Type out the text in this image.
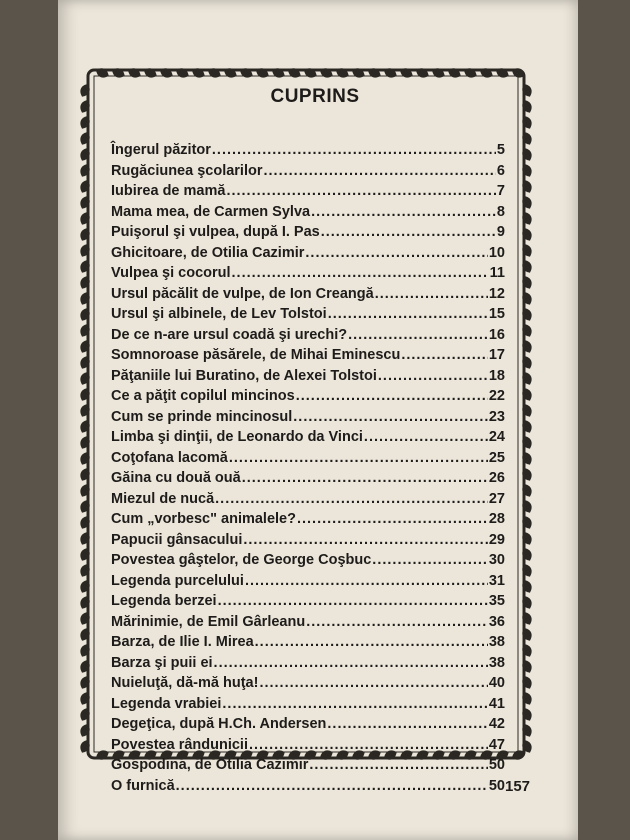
CUPRINS
Îngerul păzitor .....	5
Rugăciunea şcolarilor .....	6
Iubirea de mamă .....	7
Mama mea, de Carmen Sylva .....	8
Puişorul şi vulpea, după I. Pas .....	9
Ghicitoare, de Otilia Cazimir .....	10
Vulpea şi cocorul .....	11
Ursul păcălit de vulpe, de Ion Creangă .....	12
Ursul şi albinele, de Lev Tolstoi .....	15
De ce n-are ursul coadă şi urechi? .....	16
Somnoroase păsărele, de Mihai Eminescu .....	17
Păţaniile lui Buratino, de Alexei Tolstoi .....	18
Ce a păţit copilul mincinos .....	22
Cum se prinde mincinosul .....	23
Limba şi dinţii, de Leonardo da Vinci .....	24
Coţofana lacomă .....	25
Găina cu două ouă .....	26
Miezul de nucă .....	27
Cum „vorbesc" animalele? .....	28
Papucii gânsacului .....	29
Povestea gâştelor, de George Coşbuc .....	30
Legenda purcelului .....	31
Legenda berzei .....	35
Mărinimie, de Emil Gârleanu .....	36
Barza, de Ilie I. Mirea .....	38
Barza şi puii ei .....	38
Nuieluţă, dă-mă huţa! .....	40
Legenda vrabiei .....	41
Degeţica, după H.Ch. Andersen .....	42
Povestea rândunicii .....	47
Gospodina, de Otilia Cazimir .....	50
O furnică .....	50 157
